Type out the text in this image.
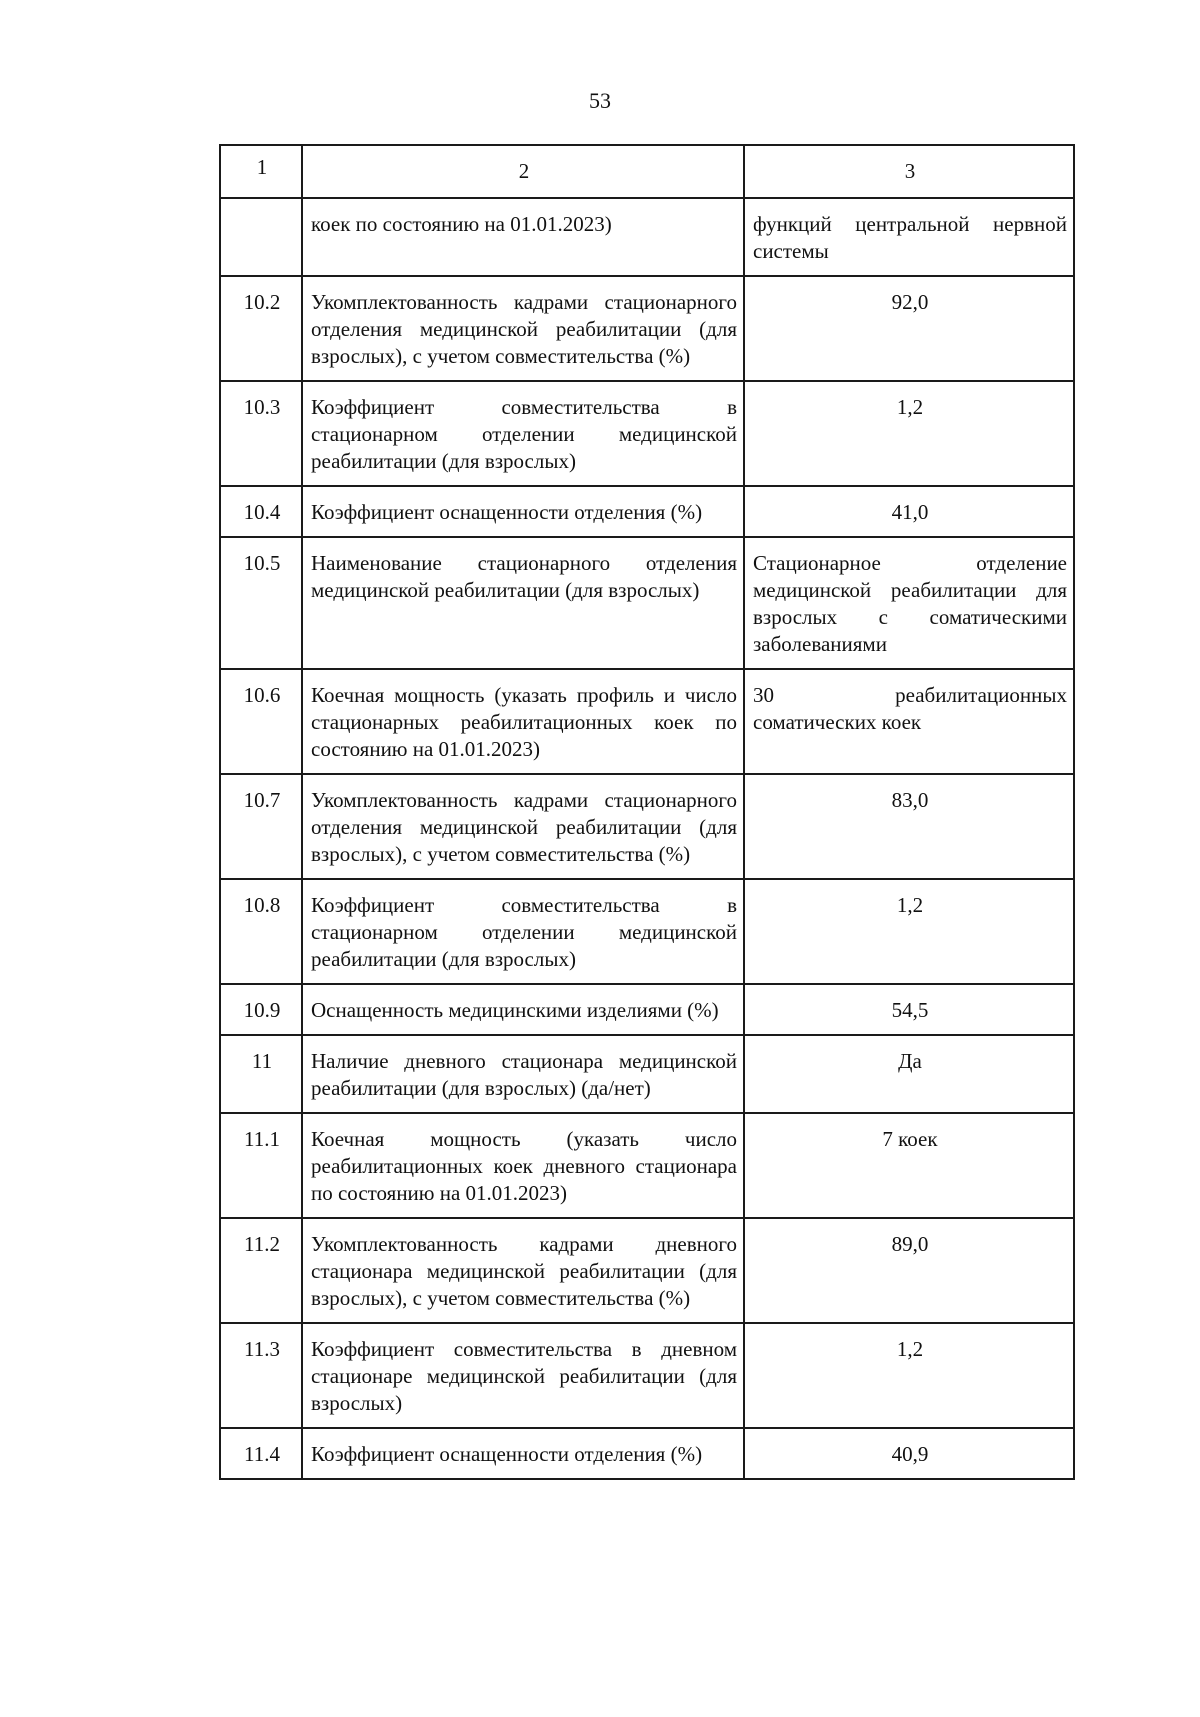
53
1	2	3
	коек по состоянию на 01.01.2023)	функций центральной нервной системы
10.2	Укомплектованность кадрами стационарного отделения медицинской реабилитации (для взрослых), с учетом совместительства (%)	92,0
10.3	Коэффициент совместительства в стационарном отделении медицинской реабилитации (для взрослых)	1,2
10.4	Коэффициент оснащенности отделения (%)	41,0
10.5	Наименование стационарного отделения медицинской реабилитации (для взрослых)	Стационарное отделение медицинской реабилитации для взрослых с соматическими заболеваниями
10.6	Коечная мощность (указать профиль и число стационарных реабилитационных коек по состоянию на 01.01.2023)	30 реабилитационных соматических коек
10.7	Укомплектованность кадрами стационарного отделения медицинской реабилитации (для взрослых), с учетом совместительства (%)	83,0
10.8	Коэффициент совместительства в стационарном отделении медицинской реабилитации (для взрослых)	1,2
10.9	Оснащенность медицинскими изделиями (%)	54,5
11	Наличие дневного стационара медицинской реабилитации (для взрослых) (да/нет)	Да
11.1	Коечная мощность (указать число реабилитационных коек дневного стационара по состоянию на 01.01.2023)	7 коек
11.2	Укомплектованность кадрами дневного стационара медицинской реабилитации (для взрослых), с учетом совместительства (%)	89,0
11.3	Коэффициент совместительства в дневном стационаре медицинской реабилитации (для взрослых)	1,2
11.4	Коэффициент оснащенности отделения (%)	40,9
